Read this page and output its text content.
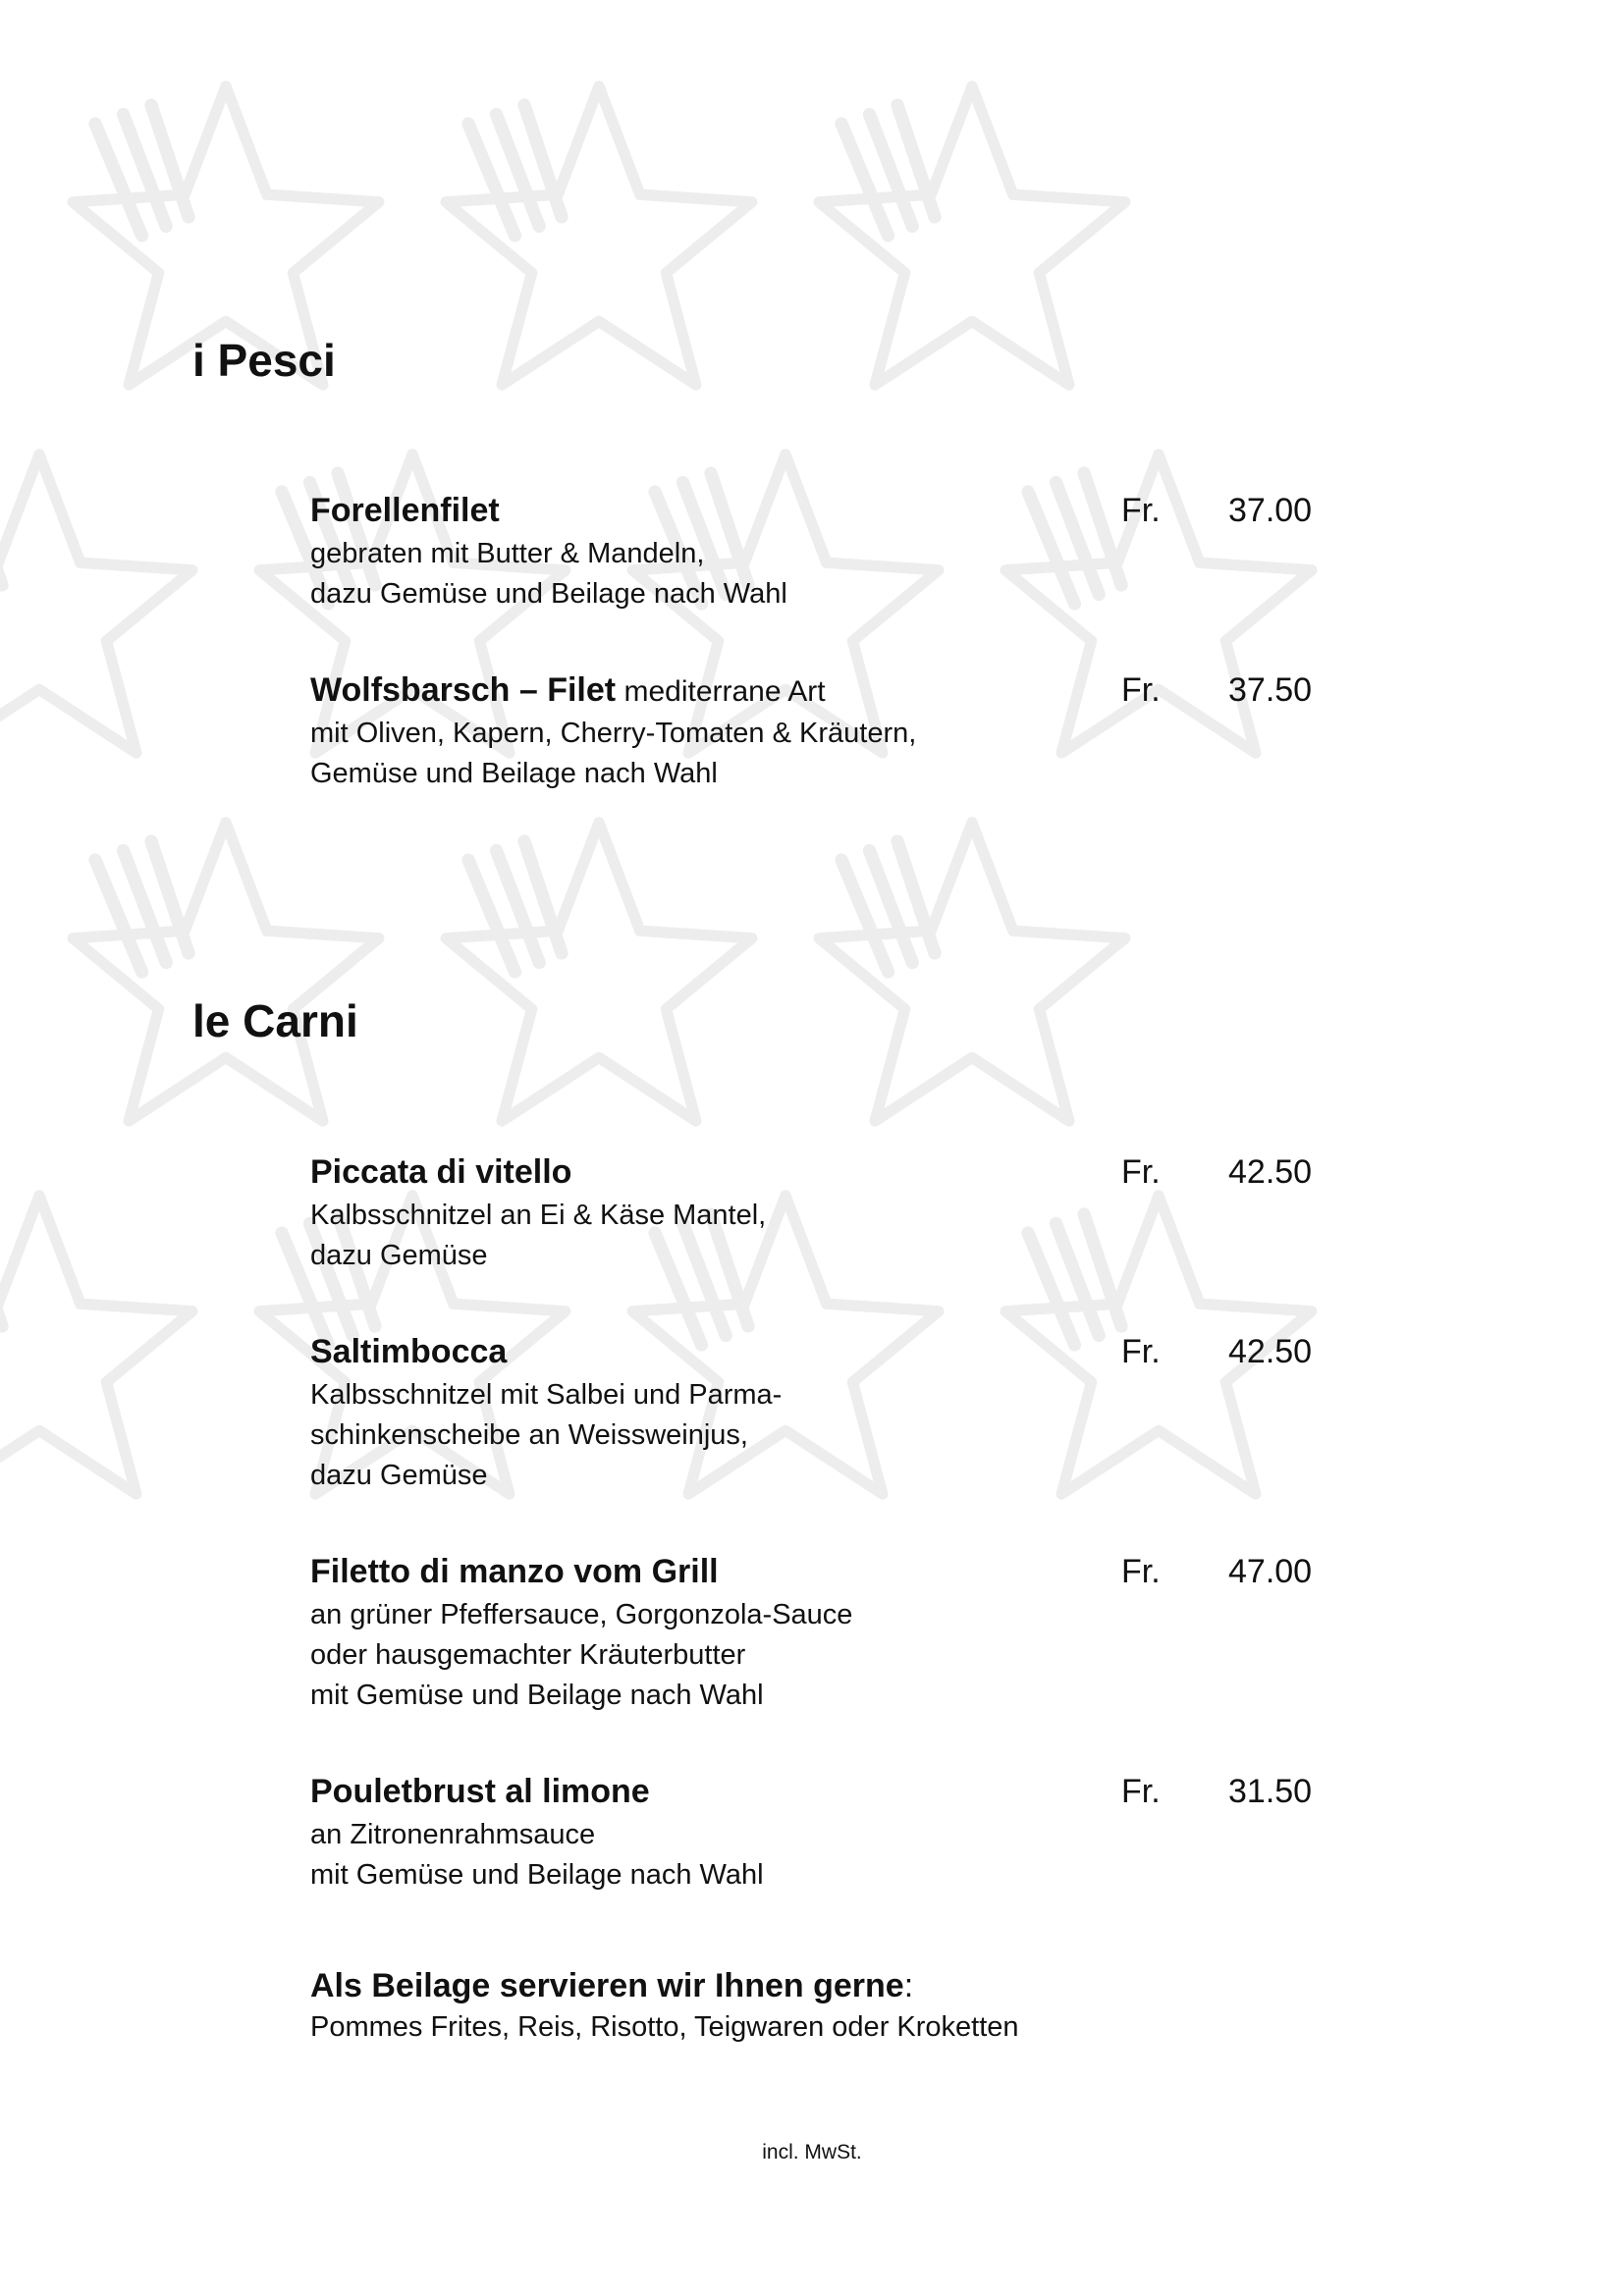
i Pesci
Forellenfilet
gebraten mit Butter & Mandeln,
dazu Gemüse und Beilage nach Wahl
Fr. 37.00
Wolfsbarsch – Filet mediterrane Art
mit Oliven, Kapern, Cherry-Tomaten & Kräutern,
Gemüse und Beilage nach Wahl
Fr. 37.50
le Carni
Piccata di vitello
Kalbsschnitzel an Ei & Käse Mantel,
dazu Gemüse
Fr. 42.50
Saltimbocca
Kalbsschnitzel mit Salbei und Parma-
schinkenscheibe an Weissweinjus,
dazu Gemüse
Fr. 42.50
Filetto di manzo vom Grill
an grüner Pfeffersauce, Gorgonzola-Sauce
oder hausgemachter Kräuterbutter
mit Gemüse und Beilage nach Wahl
Fr. 47.00
Pouletbrust al limone
an Zitronenrahmsauce
mit Gemüse und Beilage nach Wahl
Fr. 31.50
Als Beilage servieren wir Ihnen gerne:
Pommes Frites, Reis, Risotto, Teigwaren oder Kroketten
incl. MwSt.
